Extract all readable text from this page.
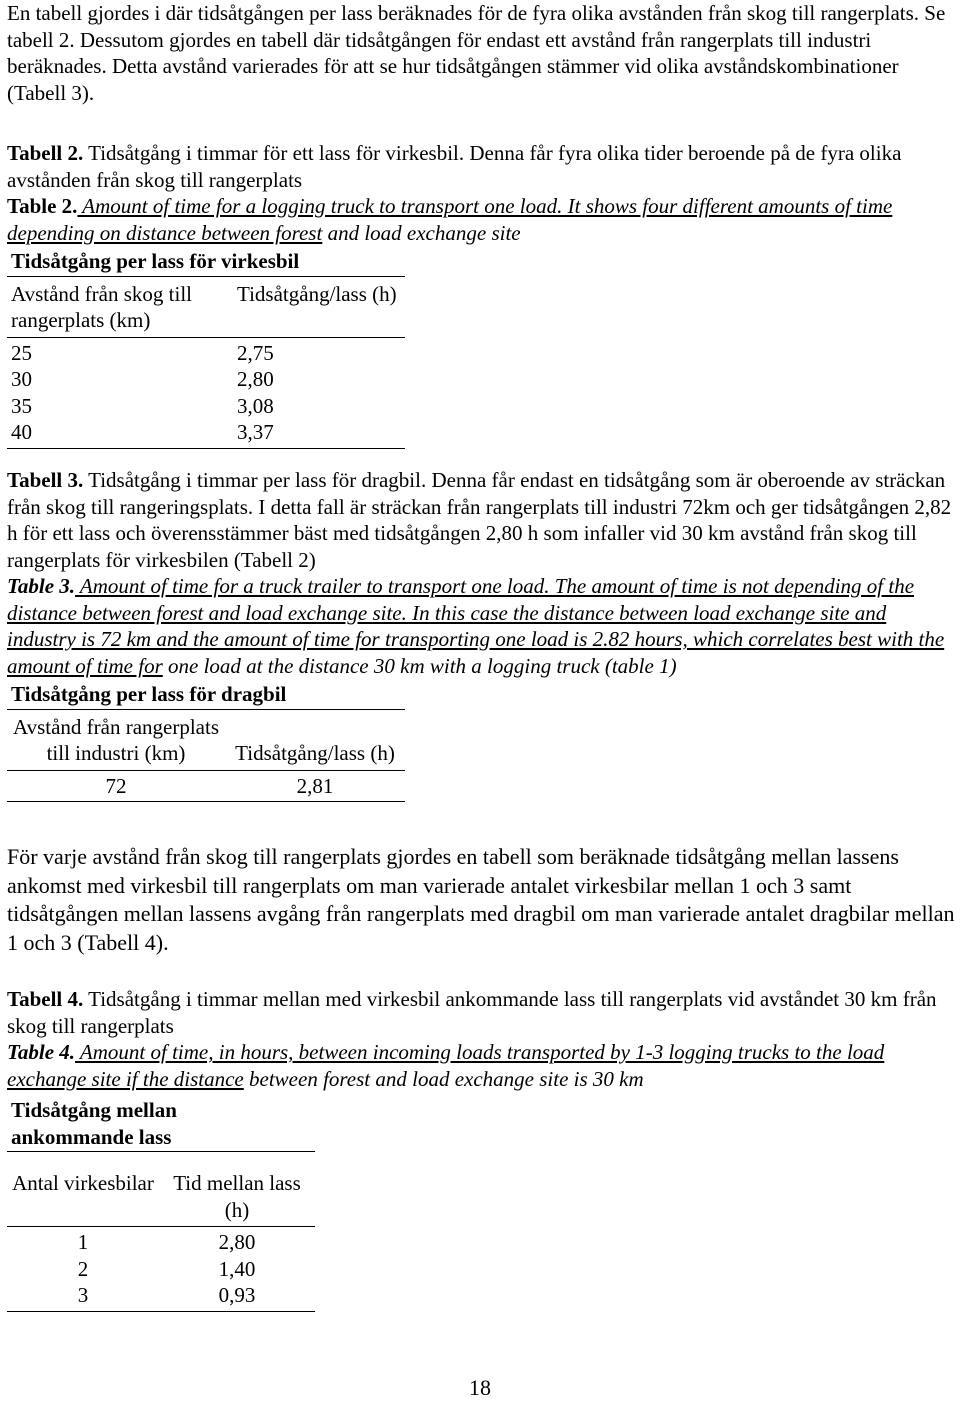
En tabell gjordes i där tidsåtgången per lass beräknades för de fyra olika avstånden från skog till rangerplats. Se tabell 2. Dessutom gjordes en tabell där tidsåtgången för endast ett avstånd från rangerplats till industri beräknades. Detta avstånd varierades för att se hur tidsåtgången stämmer vid olika avståndskombinationer (Tabell 3).

Tabell 2. Tidsåtgång i timmar för ett lass för virkesbil. Denna får fyra olika tider beroende på de fyra olika avstånden från skog till rangerplats

Table 2. Amount of time for a logging truck to transport one load. It shows four different amounts of time depending on distance between forest and load exchange site

Tidsåtgång per lass för virkesbil	
Avstånd från skog till rangerplats (km)	Tidsåtgång/lass (h)
25	2,75
30	2,80
35	3,08
40	3,37

Tabell 3. Tidsåtgång i timmar per lass för dragbil. Denna får endast en tidsåtgång som är oberoende av sträckan från skog till rangeringsplats. I detta fall är sträckan från rangerplats till industri 72km och ger tidsåtgången 2,82 h för ett lass och överensstämmer bäst med tidsåtgången 2,80 h som infaller vid 30 km avstånd från skog till rangerplats för virkesbilen (Tabell 2)

Table 3. Amount of time for a truck trailer to transport one load. The amount of time is not depending of the distance between forest and load exchange site. In this case the distance between load exchange site and industry is 72 km and the amount of time for transporting one load is 2.82 hours, which correlates best with the amount of time for one load at the distance 30 km with a logging truck (table 1)

Tidsåtgång per lass för dragbil	
Avstånd från rangerplats till industri (km)	Tidsåtgång/lass (h)
72	2,81

För varje avstånd från skog till rangerplats gjordes en tabell som beräknade tidsåtgång mellan lassens ankomst med virkesbil till rangerplats om man varierade antalet virkesbilar mellan 1 och 3 samt tidsåtgången mellan lassens avgång från rangerplats med dragbil om man varierade antalet dragbilar mellan 1 och 3 (Tabell 4).

Tabell 4. Tidsåtgång i timmar mellan med virkesbil ankommande lass till rangerplats vid avståndet 30 km från skog till rangerplats

Table 4. Amount of time, in hours, between incoming loads transported by 1-3 logging trucks to the load exchange site if the distance between forest and load exchange site is 30 km

Tidsåtgång mellan ankommande lass	

Antal virkesbilar	Tid mellan lass (h)
1	2,80
2	1,40
3	0,93
18
